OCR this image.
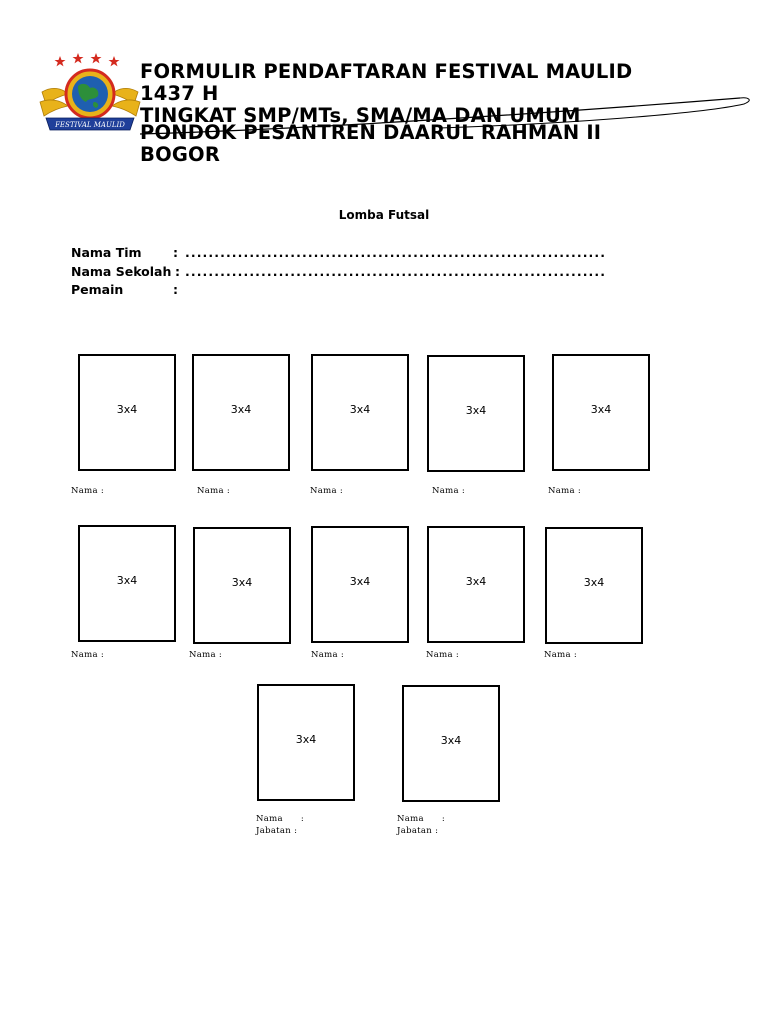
FESTIVAL MAULID
FORMULIR PENDAFTARAN FESTIVAL MAULID
1437 H
TINGKAT SMP/MTs, SMA/MA DAN UMUM
PONDOK PESANTREN DAARUL RAHMAN II
BOGOR
Lomba Futsal
Nama Tim	: ........................................................................
Nama Sekolah : ........................................................................
Pemain	:
3x4	3x4	3x4	3x4	3x4
Nama :	Nama :	Nama :	Nama :	Nama :
3x4	3x4	3x4	3x4	3x4
Nama :	Nama :	Nama :	Nama :	Nama :
3x4	3x4
Nama :
Jabatan :
Nama :
Jabatan :
